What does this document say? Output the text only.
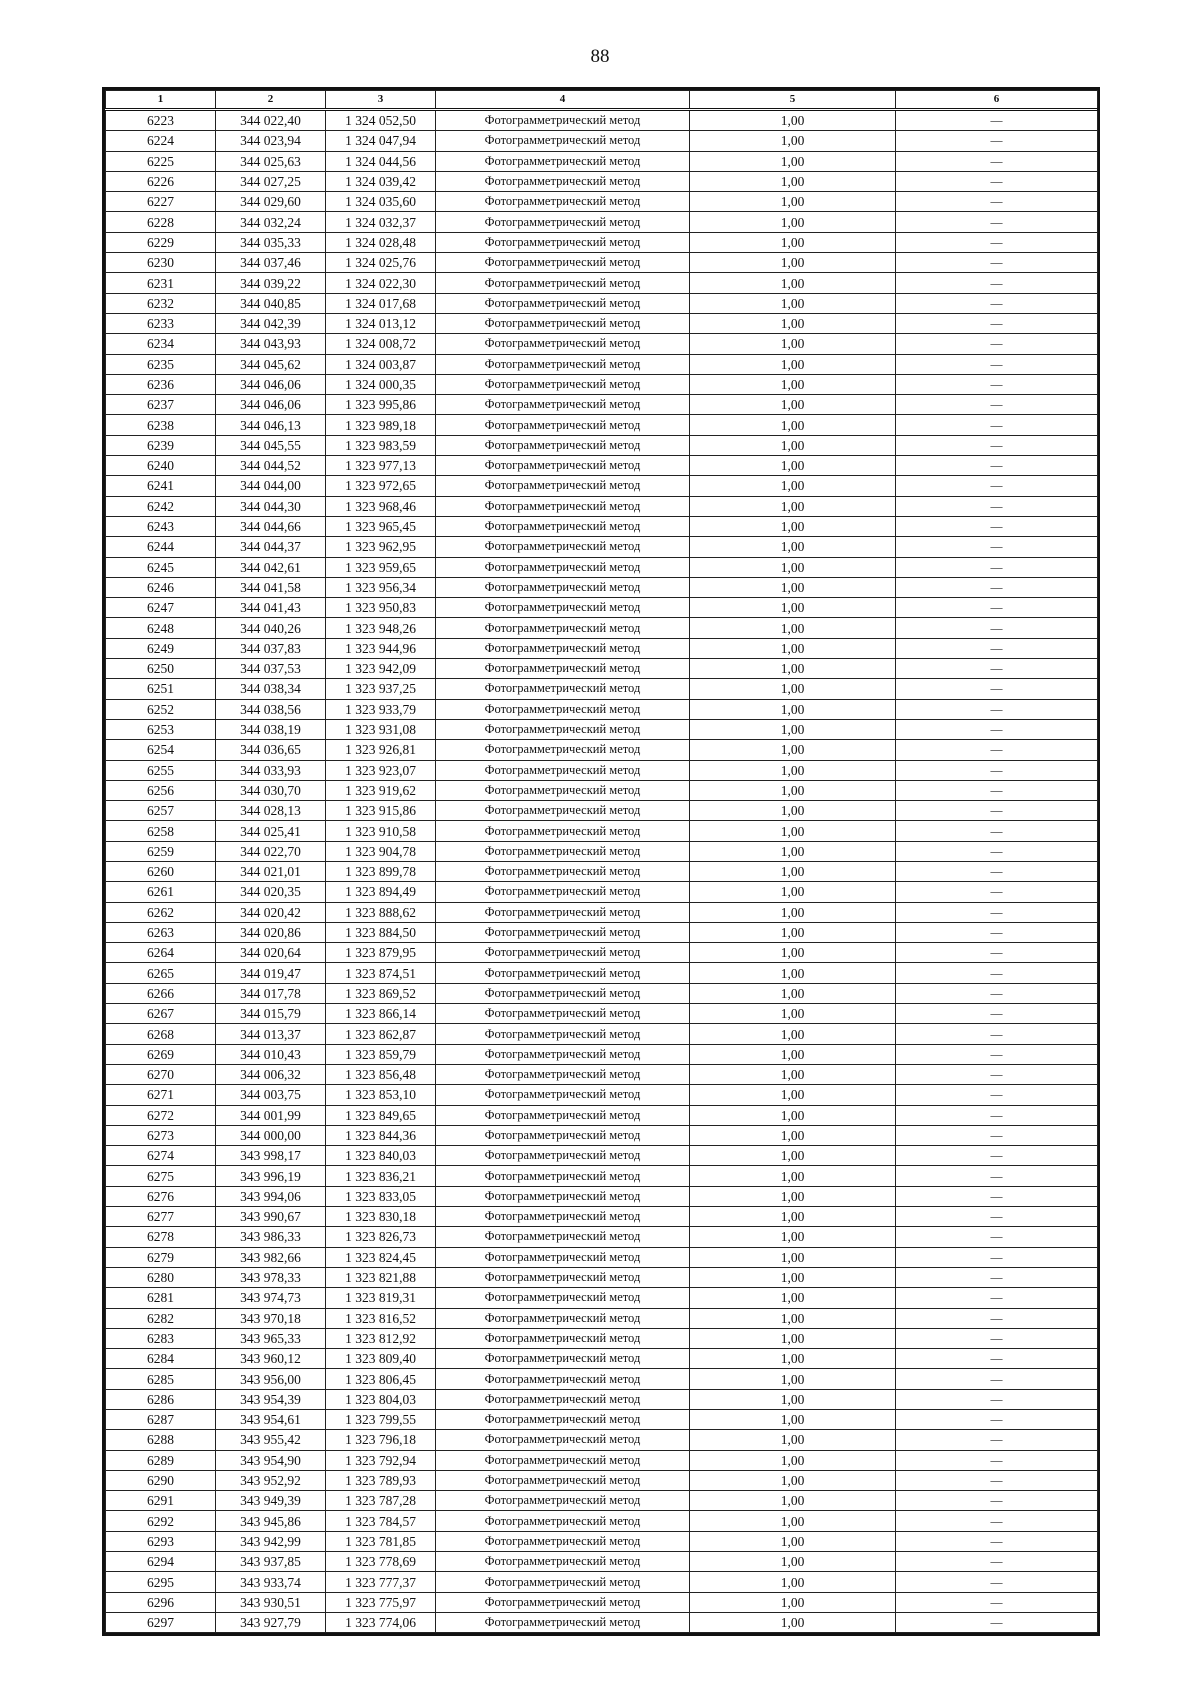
88
1	2	3	4	5	6
6223	344 022,40	1 324 052,50	Фотограмметрический метод	1,00	—
6224	344 023,94	1 324 047,94	Фотограмметрический метод	1,00	—
6225	344 025,63	1 324 044,56	Фотограмметрический метод	1,00	—
6226	344 027,25	1 324 039,42	Фотограмметрический метод	1,00	—
6227	344 029,60	1 324 035,60	Фотограмметрический метод	1,00	—
6228	344 032,24	1 324 032,37	Фотограмметрический метод	1,00	—
6229	344 035,33	1 324 028,48	Фотограмметрический метод	1,00	—
6230	344 037,46	1 324 025,76	Фотограмметрический метод	1,00	—
6231	344 039,22	1 324 022,30	Фотограмметрический метод	1,00	—
6232	344 040,85	1 324 017,68	Фотограмметрический метод	1,00	—
6233	344 042,39	1 324 013,12	Фотограмметрический метод	1,00	—
6234	344 043,93	1 324 008,72	Фотограмметрический метод	1,00	—
6235	344 045,62	1 324 003,87	Фотограмметрический метод	1,00	—
6236	344 046,06	1 324 000,35	Фотограмметрический метод	1,00	—
6237	344 046,06	1 323 995,86	Фотограмметрический метод	1,00	—
6238	344 046,13	1 323 989,18	Фотограмметрический метод	1,00	—
6239	344 045,55	1 323 983,59	Фотограмметрический метод	1,00	—
6240	344 044,52	1 323 977,13	Фотограмметрический метод	1,00	—
6241	344 044,00	1 323 972,65	Фотограмметрический метод	1,00	—
6242	344 044,30	1 323 968,46	Фотограмметрический метод	1,00	—
6243	344 044,66	1 323 965,45	Фотограмметрический метод	1,00	—
6244	344 044,37	1 323 962,95	Фотограмметрический метод	1,00	—
6245	344 042,61	1 323 959,65	Фотограмметрический метод	1,00	—
6246	344 041,58	1 323 956,34	Фотограмметрический метод	1,00	—
6247	344 041,43	1 323 950,83	Фотограмметрический метод	1,00	—
6248	344 040,26	1 323 948,26	Фотограмметрический метод	1,00	—
6249	344 037,83	1 323 944,96	Фотограмметрический метод	1,00	—
6250	344 037,53	1 323 942,09	Фотограмметрический метод	1,00	—
6251	344 038,34	1 323 937,25	Фотограмметрический метод	1,00	—
6252	344 038,56	1 323 933,79	Фотограмметрический метод	1,00	—
6253	344 038,19	1 323 931,08	Фотограмметрический метод	1,00	—
6254	344 036,65	1 323 926,81	Фотограмметрический метод	1,00	—
6255	344 033,93	1 323 923,07	Фотограмметрический метод	1,00	—
6256	344 030,70	1 323 919,62	Фотограмметрический метод	1,00	—
6257	344 028,13	1 323 915,86	Фотограмметрический метод	1,00	—
6258	344 025,41	1 323 910,58	Фотограмметрический метод	1,00	—
6259	344 022,70	1 323 904,78	Фотограмметрический метод	1,00	—
6260	344 021,01	1 323 899,78	Фотограмметрический метод	1,00	—
6261	344 020,35	1 323 894,49	Фотограмметрический метод	1,00	—
6262	344 020,42	1 323 888,62	Фотограмметрический метод	1,00	—
6263	344 020,86	1 323 884,50	Фотограмметрический метод	1,00	—
6264	344 020,64	1 323 879,95	Фотограмметрический метод	1,00	—
6265	344 019,47	1 323 874,51	Фотограмметрический метод	1,00	—
6266	344 017,78	1 323 869,52	Фотограмметрический метод	1,00	—
6267	344 015,79	1 323 866,14	Фотограмметрический метод	1,00	—
6268	344 013,37	1 323 862,87	Фотограмметрический метод	1,00	—
6269	344 010,43	1 323 859,79	Фотограмметрический метод	1,00	—
6270	344 006,32	1 323 856,48	Фотограмметрический метод	1,00	—
6271	344 003,75	1 323 853,10	Фотограмметрический метод	1,00	—
6272	344 001,99	1 323 849,65	Фотограмметрический метод	1,00	—
6273	344 000,00	1 323 844,36	Фотограмметрический метод	1,00	—
6274	343 998,17	1 323 840,03	Фотограмметрический метод	1,00	—
6275	343 996,19	1 323 836,21	Фотограмметрический метод	1,00	—
6276	343 994,06	1 323 833,05	Фотограмметрический метод	1,00	—
6277	343 990,67	1 323 830,18	Фотограмметрический метод	1,00	—
6278	343 986,33	1 323 826,73	Фотограмметрический метод	1,00	—
6279	343 982,66	1 323 824,45	Фотограмметрический метод	1,00	—
6280	343 978,33	1 323 821,88	Фотограмметрический метод	1,00	—
6281	343 974,73	1 323 819,31	Фотограмметрический метод	1,00	—
6282	343 970,18	1 323 816,52	Фотограмметрический метод	1,00	—
6283	343 965,33	1 323 812,92	Фотограмметрический метод	1,00	—
6284	343 960,12	1 323 809,40	Фотограмметрический метод	1,00	—
6285	343 956,00	1 323 806,45	Фотограмметрический метод	1,00	—
6286	343 954,39	1 323 804,03	Фотограмметрический метод	1,00	—
6287	343 954,61	1 323 799,55	Фотограмметрический метод	1,00	—
6288	343 955,42	1 323 796,18	Фотограмметрический метод	1,00	—
6289	343 954,90	1 323 792,94	Фотограмметрический метод	1,00	—
6290	343 952,92	1 323 789,93	Фотограмметрический метод	1,00	—
6291	343 949,39	1 323 787,28	Фотограмметрический метод	1,00	—
6292	343 945,86	1 323 784,57	Фотограмметрический метод	1,00	—
6293	343 942,99	1 323 781,85	Фотограмметрический метод	1,00	—
6294	343 937,85	1 323 778,69	Фотограмметрический метод	1,00	—
6295	343 933,74	1 323 777,37	Фотограмметрический метод	1,00	—
6296	343 930,51	1 323 775,97	Фотограмметрический метод	1,00	—
6297	343 927,79	1 323 774,06	Фотограмметрический метод	1,00	—
